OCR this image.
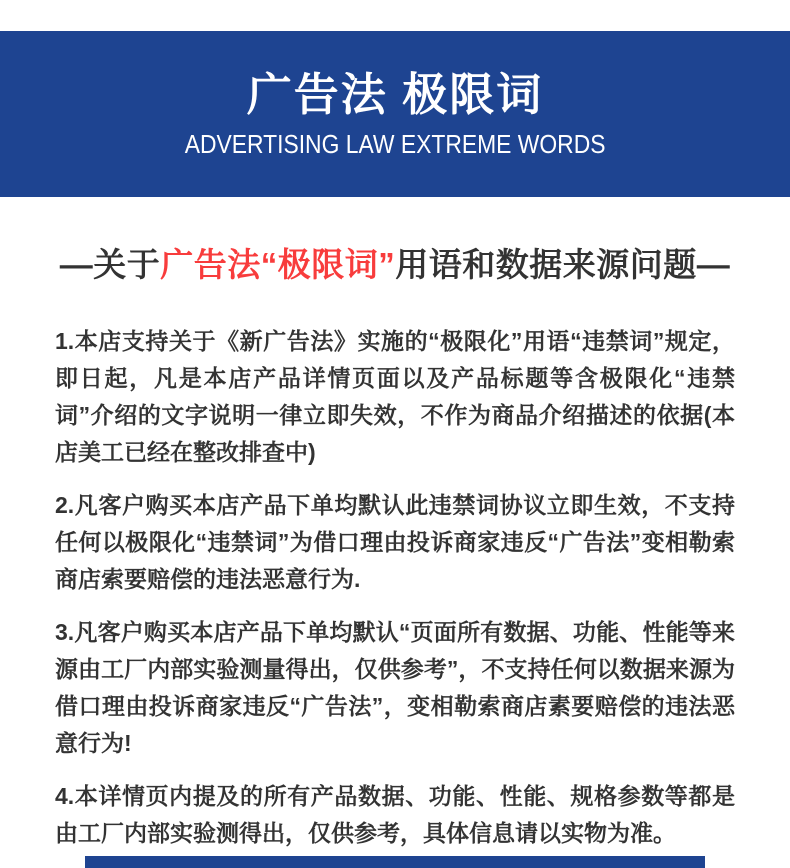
广告法 极限词
ADVERTISING LAW EXTREME WORDS
—关于广告法“极限词”用语和数据来源问题—

1.本店支持关于《新广告法》实施的“极限化”用语“违禁词”规定，即日起，凡是本店产品详情页面以及产品标题等含极限化“违禁词”介绍的文字说明一律立即失效，不作为商品介绍描述的依据(本店美工已经在整改排查中)

2.凡客户购买本店产品下单均默认此违禁词协议立即生效，不支持任何以极限化“违禁词”为借口理由投诉商家违反“广告法”变相勒索商店索要赔偿的违法恶意行为.

3.凡客户购买本店产品下单均默认“页面所有数据、功能、性能等来源由工厂内部实验测量得出，仅供参考”，不支持任何以数据来源为借口理由投诉商家违反“广告法”，变相勒索商店素要赔偿的违法恶意行为!

4.本详情页内提及的所有产品数据、功能、性能、规格参数等都是由工厂内部实验测得出，仅供参考，具体信息请以实物为准。
